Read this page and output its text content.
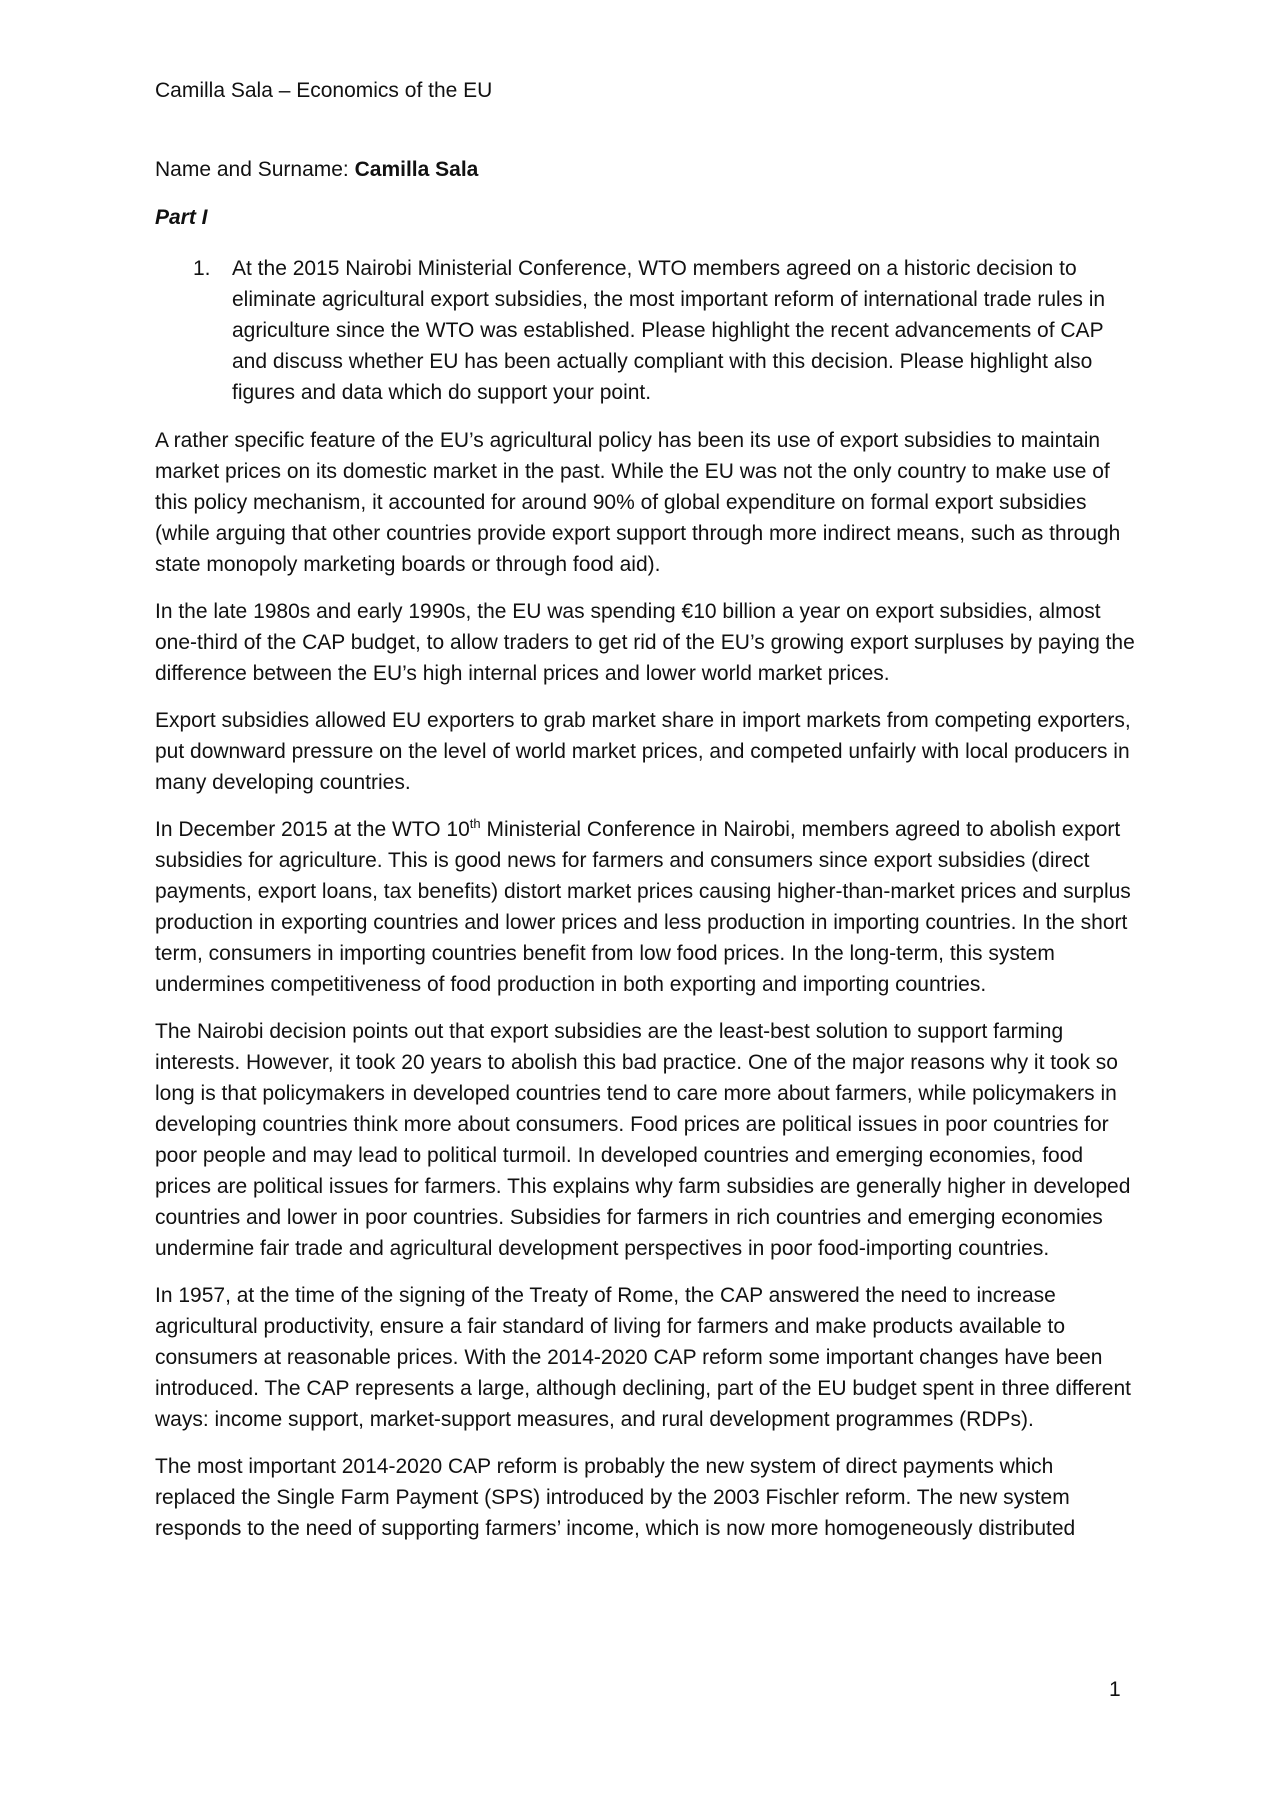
Camilla Sala – Economics of the EU

Name and Surname: Camilla Sala

Part I

1. At the 2015 Nairobi Ministerial Conference, WTO members agreed on a historic decision to eliminate agricultural export subsidies, the most important reform of international trade rules in agriculture since the WTO was established. Please highlight the recent advancements of CAP and discuss whether EU has been actually compliant with this decision. Please highlight also figures and data which do support your point.

A rather specific feature of the EU’s agricultural policy has been its use of export subsidies to maintain market prices on its domestic market in the past. While the EU was not the only country to make use of this policy mechanism, it accounted for around 90% of global expenditure on formal export subsidies (while arguing that other countries provide export support through more indirect means, such as through state monopoly marketing boards or through food aid).

In the late 1980s and early 1990s, the EU was spending €10 billion a year on export subsidies, almost one-third of the CAP budget, to allow traders to get rid of the EU’s growing export surpluses by paying the difference between the EU’s high internal prices and lower world market prices.

Export subsidies allowed EU exporters to grab market share in import markets from competing exporters, put downward pressure on the level of world market prices, and competed unfairly with local producers in many developing countries.

In December 2015 at the WTO 10th Ministerial Conference in Nairobi, members agreed to abolish export subsidies for agriculture. This is good news for farmers and consumers since export subsidies (direct payments, export loans, tax benefits) distort market prices causing higher-than-market prices and surplus production in exporting countries and lower prices and less production in importing countries. In the short term, consumers in importing countries benefit from low food prices. In the long-term, this system undermines competitiveness of food production in both exporting and importing countries.

The Nairobi decision points out that export subsidies are the least-best solution to support farming interests. However, it took 20 years to abolish this bad practice. One of the major reasons why it took so long is that policymakers in developed countries tend to care more about farmers, while policymakers in developing countries think more about consumers. Food prices are political issues in poor countries for poor people and may lead to political turmoil. In developed countries and emerging economies, food prices are political issues for farmers. This explains why farm subsidies are generally higher in developed countries and lower in poor countries. Subsidies for farmers in rich countries and emerging economies undermine fair trade and agricultural development perspectives in poor food-importing countries.

In 1957, at the time of the signing of the Treaty of Rome, the CAP answered the need to increase agricultural productivity, ensure a fair standard of living for farmers and make products available to consumers at reasonable prices. With the 2014-2020 CAP reform some important changes have been introduced. The CAP represents a large, although declining, part of the EU budget spent in three different ways: income support, market-support measures, and rural development programmes (RDPs).

The most important 2014-2020 CAP reform is probably the new system of direct payments which replaced the Single Farm Payment (SPS) introduced by the 2003 Fischler reform. The new system responds to the need of supporting farmers’ income, which is now more homogeneously distributed

1
